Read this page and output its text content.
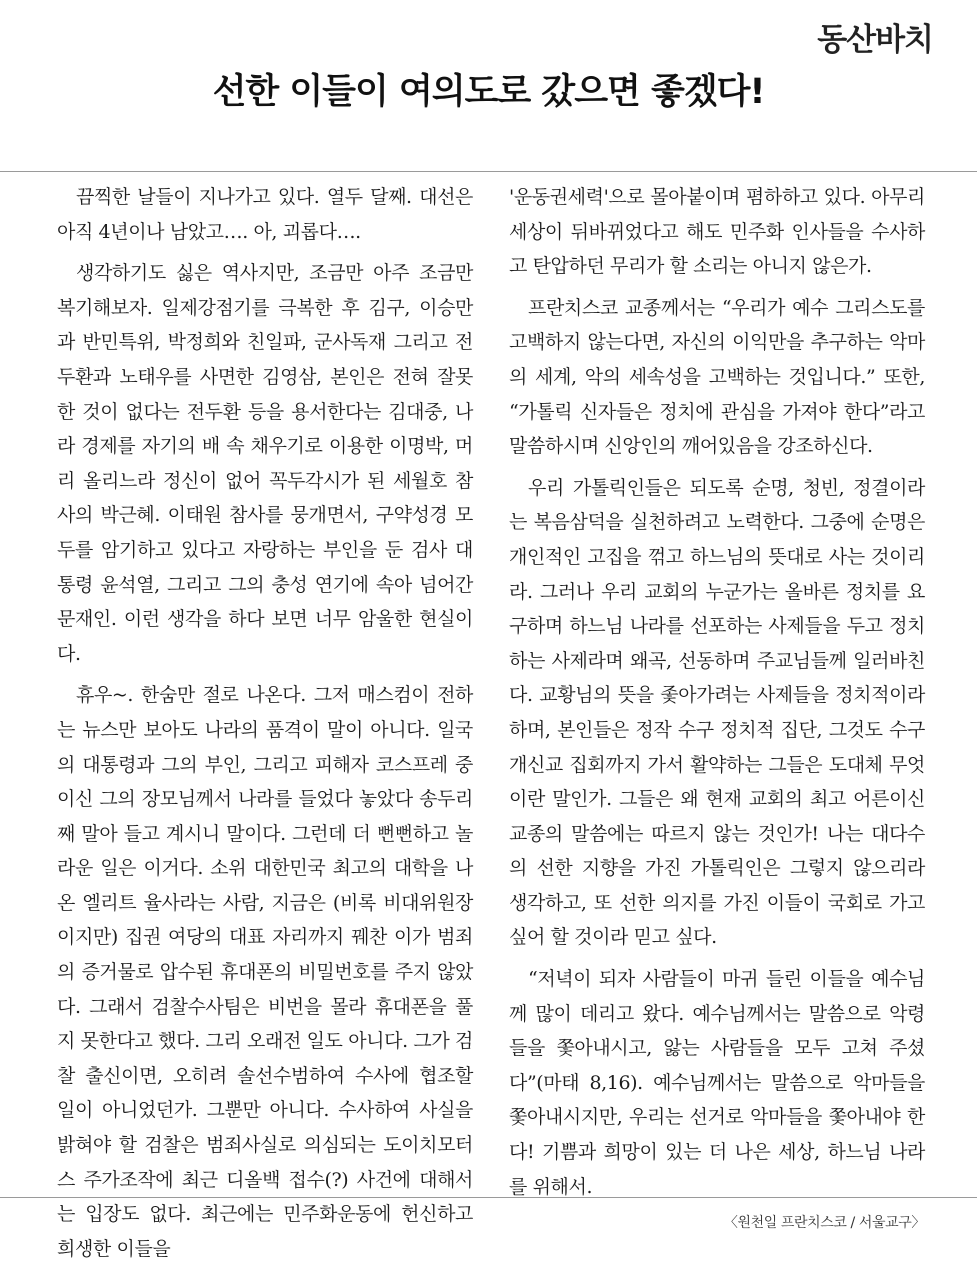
동산바치
선한 이들이 여의도로 갔으면 좋겠다!

끔찍한 날들이 지나가고 있다. 열두 달째. 대선은 아직 4년이나 남았고…. 아, 괴롭다….

생각하기도 싫은 역사지만, 조금만 아주 조금만 복기해보자. 일제강점기를 극복한 후 김구, 이승만과 반민특위, 박정희와 친일파, 군사독재 그리고 전두환과 노태우를 사면한 김영삼, 본인은 전혀 잘못한 것이 없다는 전두환 등을 용서한다는 김대중, 나라 경제를 자기의 배 속 채우기로 이용한 이명박, 머리 올리느라 정신이 없어 꼭두각시가 된 세월호 참사의 박근혜. 이태원 참사를 뭉개면서, 구약성경 모두를 암기하고 있다고 자랑하는 부인을 둔 검사 대통령 윤석열, 그리고 그의 충성 연기에 속아 넘어간 문재인. 이런 생각을 하다 보면 너무 암울한 현실이다.

휴우~. 한숨만 절로 나온다. 그저 매스컴이 전하는 뉴스만 보아도 나라의 품격이 말이 아니다. 일국의 대통령과 그의 부인, 그리고 피해자 코스프레 중이신 그의 장모님께서 나라를 들었다 놓았다 송두리째 말아 들고 계시니 말이다. 그런데 더 뻔뻔하고 놀라운 일은 이거다. 소위 대한민국 최고의 대학을 나온 엘리트 율사라는 사람, 지금은 (비록 비대위원장이지만) 집권 여당의 대표 자리까지 꿰찬 이가 범죄의 증거물로 압수된 휴대폰의 비밀번호를 주지 않았다. 그래서 검찰수사팀은 비번을 몰라 휴대폰을 풀지 못한다고 했다. 그리 오래전 일도 아니다. 그가 검찰 출신이면, 오히려 솔선수범하여 수사에 협조할 일이 아니었던가. 그뿐만 아니다. 수사하여 사실을 밝혀야 할 검찰은 범죄사실로 의심되는 도이치모터스 주가조작에 최근 디올백 접수(?) 사건에 대해서는 입장도 없다. 최근에는 민주화운동에 헌신하고 희생한 이들을

'운동권세력'으로 몰아붙이며 폄하하고 있다. 아무리 세상이 뒤바뀌었다고 해도 민주화 인사들을 수사하고 탄압하던 무리가 할 소리는 아니지 않은가.

프란치스코 교종께서는 “우리가 예수 그리스도를 고백하지 않는다면, 자신의 이익만을 추구하는 악마의 세계, 악의 세속성을 고백하는 것입니다.” 또한, “가톨릭 신자들은 정치에 관심을 가져야 한다”라고 말씀하시며 신앙인의 깨어있음을 강조하신다.

우리 가톨릭인들은 되도록 순명, 청빈, 정결이라는 복음삼덕을 실천하려고 노력한다. 그중에 순명은 개인적인 고집을 꺾고 하느님의 뜻대로 사는 것이리라. 그러나 우리 교회의 누군가는 올바른 정치를 요구하며 하느님 나라를 선포하는 사제들을 두고 정치하는 사제라며 왜곡, 선동하며 주교님들께 일러바친다. 교황님의 뜻을 좇아가려는 사제들을 정치적이라 하며, 본인들은 정작 수구 정치적 집단, 그것도 수구 개신교 집회까지 가서 활약하는 그들은 도대체 무엇이란 말인가. 그들은 왜 현재 교회의 최고 어른이신 교종의 말씀에는 따르지 않는 것인가! 나는 대다수의 선한 지향을 가진 가톨릭인은 그렇지 않으리라 생각하고, 또 선한 의지를 가진 이들이 국회로 가고 싶어 할 것이라 믿고 싶다.

“저녁이 되자 사람들이 마귀 들린 이들을 예수님께 많이 데리고 왔다. 예수님께서는 말씀으로 악령들을 쫓아내시고, 앓는 사람들을 모두 고쳐 주셨다”(마태 8,16). 예수님께서는 말씀으로 악마들을 쫓아내시지만, 우리는 선거로 악마들을 쫓아내야 한다! 기쁨과 희망이 있는 더 나은 세상, 하느님 나라를 위해서.

〈원천일 프란치스코 / 서울교구〉
